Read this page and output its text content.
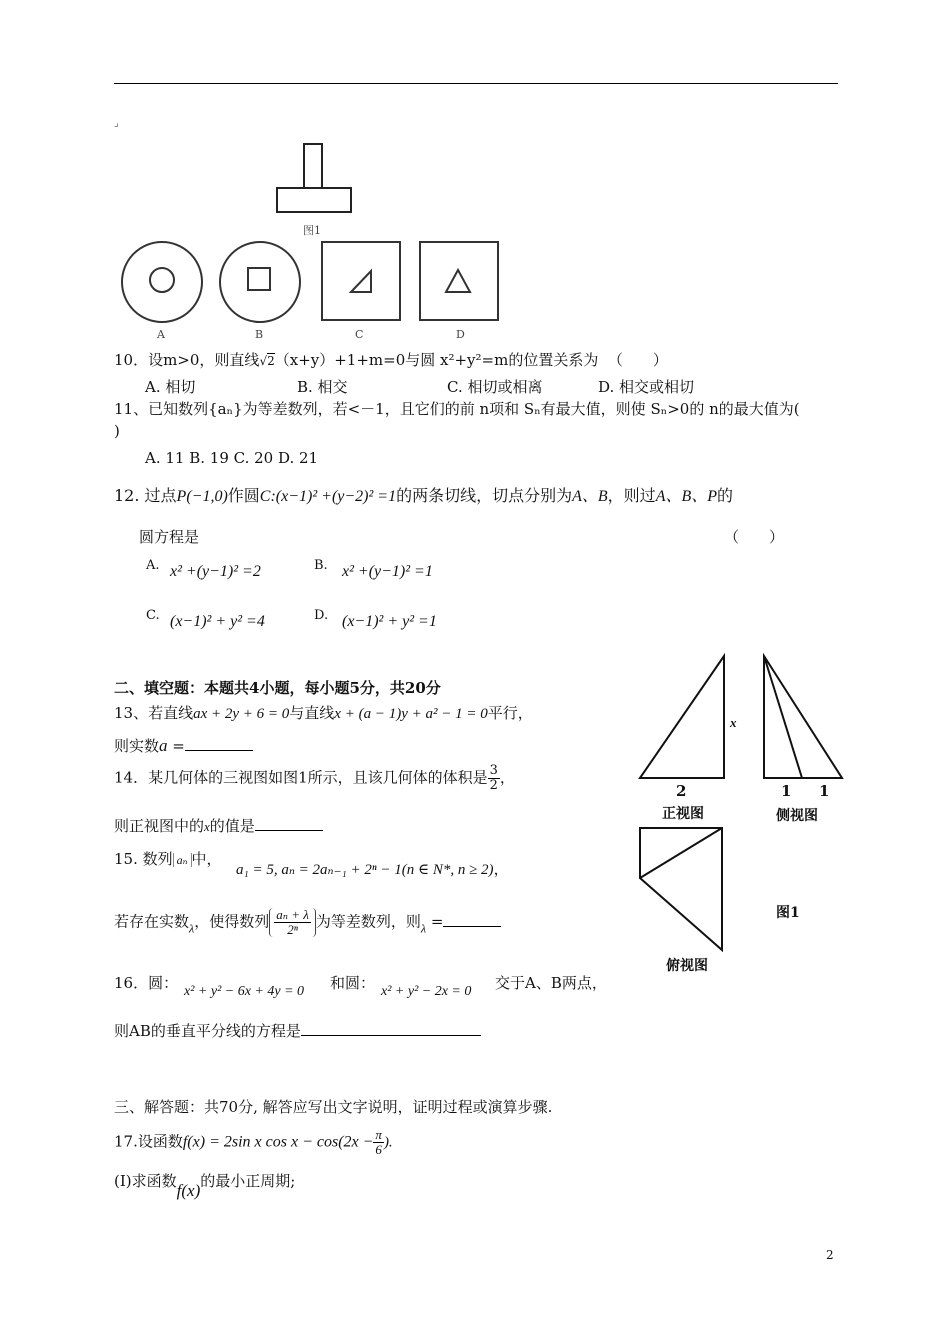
⌟
图1
A	B	C	D
10．设m>0，则直线√2（x+y）+1+m=0与圆 x²+y²=m的位置关系为 （　　）
A. 相切	B. 相交	C. 相切或相离	D. 相交或相切
11、已知数列{aₙ}为等差数列，若<－1，且它们的前 n项和 Sₙ有最大值，则使 Sₙ>0的 n的最大值为(
)
A. 11 B. 19 C. 20 D. 21
12. 过点P(−1,0)作圆C:(x−1)² +(y−2)² =1的两条切线，切点分别为A、B，则过A、B、P的
圆方程是	（　　）
A. x² +(y−1)² =2	B. x² +(y−1)² =1
C. (x−1)² + y² =4	D. (x−1)² + y² =1
二、填空题：本题共4小题，每小题5分，共20分
13、若直线ax + 2y + 6 = 0与直线x + (a − 1)y + a² − 1 = 0平行，
则实数a =
14．某几何体的三视图如图1所示，且该几何体的体积是 $\frac{3}{2}$ ，
则正视图中的x的值是
15. 数列 aₙ 中，
a₁ = 5, aₙ = 2aₙ₋₁ + 2ⁿ − 1(n ∈ N*, n ≥ 2)，
若存在实数$_\lambda$，使得数列 $\frac{\text{aₙ + λ}}{\text{2ⁿ}}$ 为等差数列，则$_\lambda$ =
16．圆： x² + y² − 6x + 4y = 0 和圆： x² + y² − 2x = 0 交于A、B两点，
则AB的垂直平分线的方程是
三、解答题：共70分, 解答应写出文字说明，证明过程或演算步骤.
17.设函数f(x) = 2sin x $\cos x - \cos(2x - \frac{\pi}{6}$ ).
(Ⅰ)求函数f(x)的最小正周期;
x
2
正视图
1 1
侧视图
图1
俯视图
2
